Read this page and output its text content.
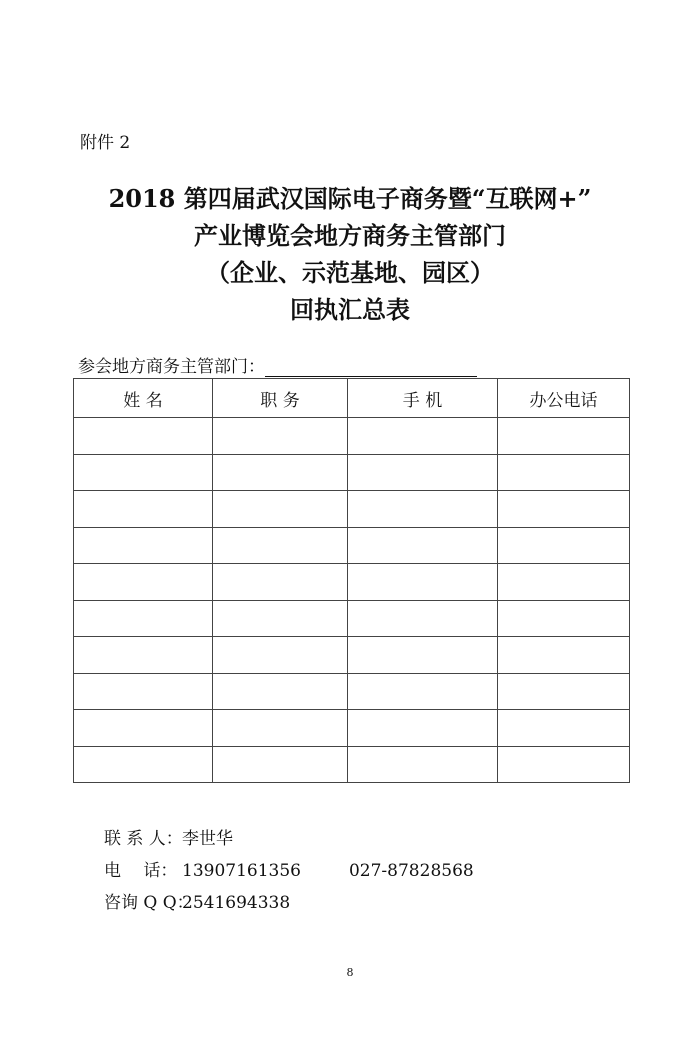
附件 2
2018 第四届武汉国际电子商务暨“互联网+”
产业博览会地方商务主管部门
（企业、示范基地、园区）
回执汇总表
参会地方商务主管部门：
姓 名	职 务	手 机	办公电话

联 系 人：李世华
电　 话： 13907161356	027-87828568
咨询 Q Q：2541694338
8
